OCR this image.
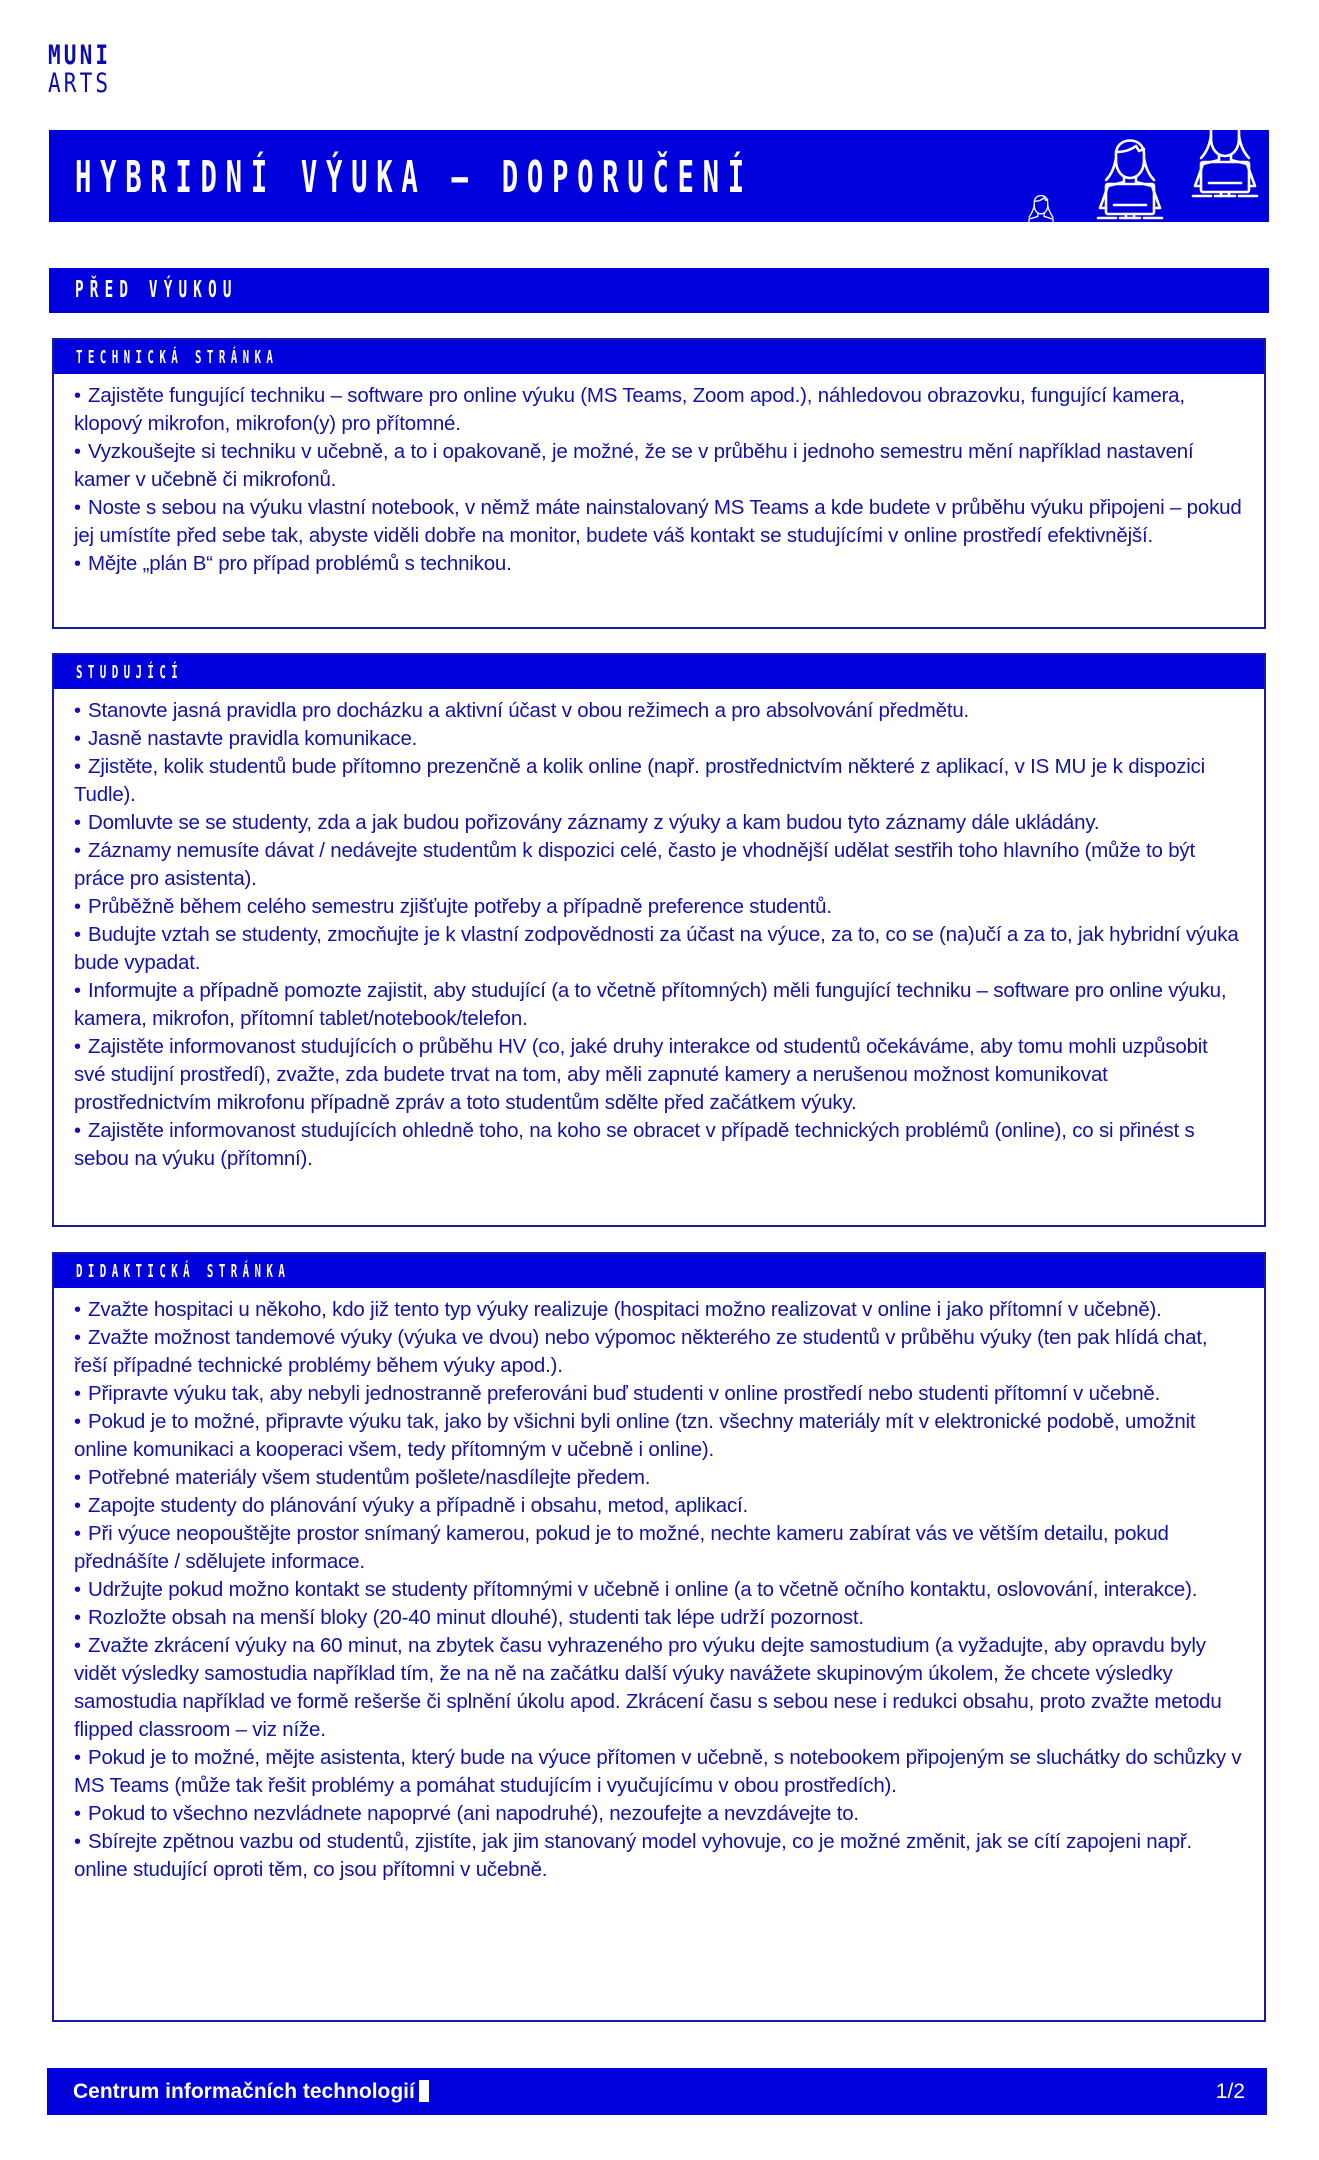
MUNI
ARTS
HYBRIDNÍ VÝUKA – DOPORUČENÍ
PŘED VÝUKOU
TECHNICKÁ STRÁNKA
• Zajistěte fungující techniku – software pro online výuku (MS Teams, Zoom apod.), náhledovou obrazovku, fungující kamera, klopový mikrofon, mikrofon(y) pro přítomné.
• Vyzkoušejte si techniku v učebně, a to i opakovaně, je možné, že se v průběhu i jednoho semestru mění například nastavení kamer v učebně či mikrofonů.
• Noste s sebou na výuku vlastní notebook, v němž máte nainstalovaný MS Teams a kde budete v průběhu výuku připojeni – pokud jej umístíte před sebe tak, abyste viděli dobře na monitor, budete váš kontakt se studujícími v online prostředí efektivnější.
• Mějte „plán B“ pro případ problémů s technikou.
STUDUJÍCÍ
• Stanovte jasná pravidla pro docházku a aktivní účast v obou režimech a pro absolvování předmětu.
• Jasně nastavte pravidla komunikace.
• Zjistěte, kolik studentů bude přítomno prezenčně a kolik online (např. prostřednictvím některé z aplikací, v IS MU je k dispozici Tudle).
• Domluvte se se studenty, zda a jak budou pořizovány záznamy z výuky a kam budou tyto záznamy dále ukládány.
• Záznamy nemusíte dávat / nedávejte studentům k dispozici celé, často je vhodnější udělat sestřih toho hlavního (může to být práce pro asistenta).
• Průběžně během celého semestru zjišťujte potřeby a případně preference studentů.
• Budujte vztah se studenty, zmocňujte je k vlastní zodpovědnosti za účast na výuce, za to, co se (na)učí a za to, jak hybridní výuka bude vypadat.
• Informujte a případně pomozte zajistit, aby studující (a to včetně přítomných) měli fungující techniku – software pro online výuku, kamera, mikrofon, přítomní tablet/notebook/telefon.
• Zajistěte informovanost studujících o průběhu HV (co, jaké druhy interakce od studentů očekáváme, aby tomu mohli uzpůsobit své studijní prostředí), zvažte, zda budete trvat na tom, aby měli zapnuté kamery a nerušenou možnost komunikovat prostřednictvím mikrofonu případně zpráv a toto studentům sdělte před začátkem výuky.
• Zajistěte informovanost studujících ohledně toho, na koho se obracet v případě technických problémů (online), co si přinést s sebou na výuku (přítomní).
DIDAKTICKÁ STRÁNKA
• Zvažte hospitaci u někoho, kdo již tento typ výuky realizuje (hospitaci možno realizovat v online i jako přítomní v učebně).
• Zvažte možnost tandemové výuky (výuka ve dvou) nebo výpomoc některého ze studentů v průběhu výuky (ten pak hlídá chat, řeší případné technické problémy během výuky apod.).
• Připravte výuku tak, aby nebyli jednostranně preferováni buď studenti v online prostředí nebo studenti přítomní v učebně.
• Pokud je to možné, připravte výuku tak, jako by všichni byli online (tzn. všechny materiály mít v elektronické podobě, umožnit online komunikaci a kooperaci všem, tedy přítomným v učebně i online).
• Potřebné materiály všem studentům pošlete/nasdílejte předem.
• Zapojte studenty do plánování výuky a případně i obsahu, metod, aplikací.
• Při výuce neopouštějte prostor snímaný kamerou, pokud je to možné, nechte kameru zabírat vás ve větším detailu, pokud přednášíte / sdělujete informace.
• Udržujte pokud možno kontakt se studenty přítomnými v učebně i online (a to včetně očního kontaktu, oslovování, interakce).
• Rozložte obsah na menší bloky (20-40 minut dlouhé), studenti tak lépe udrží pozornost.
• Zvažte zkrácení výuky na 60 minut, na zbytek času vyhrazeného pro výuku dejte samostudium (a vyžadujte, aby opravdu byly vidět výsledky samostudia například tím, že na ně na začátku další výuky navážete skupinovým úkolem, že chcete výsledky samostudia například ve formě rešerše či splnění úkolu apod. Zkrácení času s sebou nese i redukci obsahu, proto zvažte metodu flipped classroom – viz níže.
• Pokud je to možné, mějte asistenta, který bude na výuce přítomen v učebně, s notebookem připojeným se sluchátky do schůzky v MS Teams (může tak řešit problémy a pomáhat studujícím i vyučujícímu v obou prostředích).
• Pokud to všechno nezvládnete napoprvé (ani napodruhé), nezoufejte a nevzdávejte to.
• Sbírejte zpětnou vazbu od studentů, zjistíte, jak jim stanovaný model vyhovuje, co je možné změnit, jak se cítí zapojeni např. online studující oproti těm, co jsou přítomni v učebně.
Centrum informačních technologií	1/2
